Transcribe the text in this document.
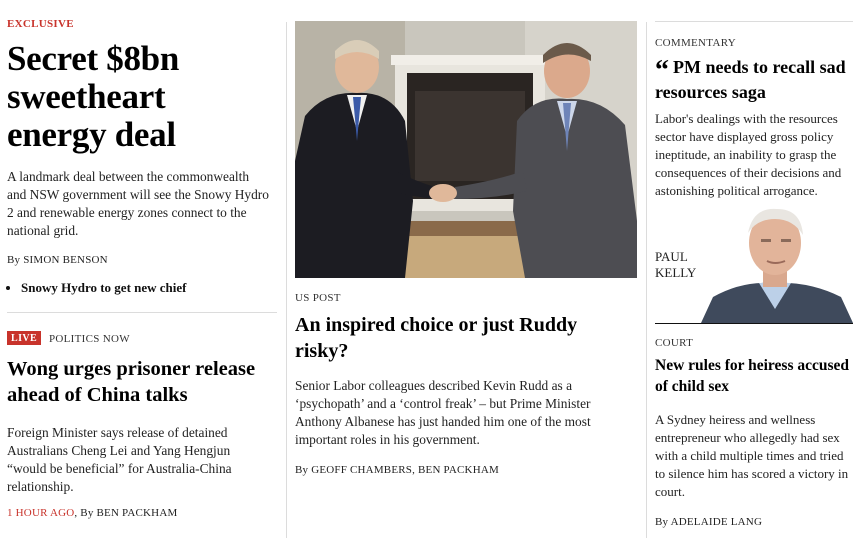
EXCLUSIVE
Secret $8bn sweetheart energy deal
A landmark deal between the commonwealth and NSW government will see the Snowy Hydro 2 and renewable energy zones connect to the national grid.
By SIMON BENSON
• Snowy Hydro to get new chief
LIVE	POLITICS NOW
Wong urges prisoner release ahead of China talks
Foreign Minister says release of detained Australians Cheng Lei and Yang Hengjun “would be beneficial” for Australia-China relationship.
1 HOUR AGO, By BEN PACKHAM
US POST
An inspired choice or just Ruddy risky?
Senior Labor colleagues described Kevin Rudd as a ‘psychopath’ and a ‘control freak’ – but Prime Minister Anthony Albanese has just handed him one of the most important roles in his government.
By GEOFF CHAMBERS, BEN PACKHAM
COMMENTARY
“ PM needs to recall sad resources saga
Labor's dealings with the resources sector have displayed gross policy ineptitude, an inability to grasp the consequences of their decisions and astonishing political arrogance.
PAUL
KELLY
COURT
New rules for heiress accused of child sex
A Sydney heiress and wellness entrepreneur who allegedly had sex with a child multiple times and tried to silence him has scored a victory in court.
By ADELAIDE LANG
